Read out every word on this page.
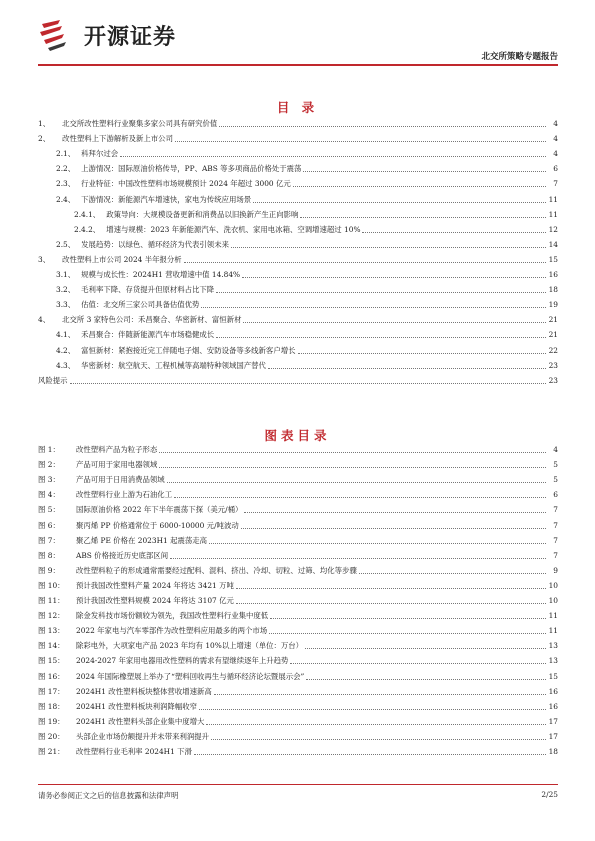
开源证券
北交所策略专题报告
目 录
1、 北交所改性塑料行业聚集多家公司具有研究价值	4
2、 改性塑料上下游解析及新上市公司	4
2.1、 科拜尔过会	4
2.2、 上游情况：国际原油价格传导，PP、ABS 等多项商品价格处于震荡	6
2.3、 行业特征：中国改性塑料市场规模预计 2024 年超过 3000 亿元	7
2.4、 下游情况：新能源汽车增速快，家电为传统应用场景	11
2.4.1、 政策导向：大规模设备更新和消费品以旧换新产生正向影响	11
2.4.2、 增速与规模：2023 年新能源汽车、洗衣机、家用电冰箱、空调增速超过 10%	12
2.5、 发展趋势：以绿色、循环经济为代表引领未来	14
3、 改性塑料上市公司 2024 半年报分析	15
3.1、 规模与成长性：2024H1 营收增速中值 14.84%	16
3.2、 毛利率下降、存货提升但原材料占比下降	18
3.3、 估值：北交所三家公司具备估值优势	19
4、 北交所 3 家特色公司：禾昌聚合、华密新材、富恒新材	21
4.1、 禾昌聚合：伴随新能源汽车市场稳健成长	21
4.2、 富恒新材：紧抱接近完工伴随电子烟、安防设备等多线新客户增长	22
4.3、 华密新材：航空航天、工程机械等高端特种领域国产替代	23
风险提示	23
图表目录
图 1：	改性塑料产品为粒子形态	4
图 2：	产品可用于家用电器领域	5
图 3：	产品可用于日用消费品领域	5
图 4：	改性塑料行业上游为石油化工	6
图 5：	国际原油价格 2022 年下半年震荡下探（美元/桶）	7
图 6：	聚丙烯 PP 价格通常位于 6000-10000 元/吨波动	7
图 7：	聚乙烯 PE 价格在 2023H1 起震荡走高	7
图 8：	ABS 价格接近历史底部区间	7
图 9：	改性塑料粒子的形成通常需要经过配料、混料、挤出、冷却、切粒、过筛、均化等步骤	9
图 10：	预计我国改性塑料产量 2024 年将达 3421 万吨	10
图 11：	预计我国改性塑料规模 2024 年将达 3107 亿元	10
图 12：	除金发科技市场份额较为领先，我国改性塑料行业集中度低	11
图 13：	2022 年家电与汽车零部件为改性塑料应用最多的两个市场	11
图 14：	除彩电外，大项家电产品 2023 年均有 10%以上增速（单位：万台）	13
图 15：	2024-2027 年家用电器用改性塑料的需求有望继续逐年上升趋势	13
图 16：	2024 年国际橡塑展上举办了“塑料回收再生与循环经济论坛暨展示会”	15
图 17：	2024H1 改性塑料板块整体营收增速新高	16
图 18：	2024H1 改性塑料板块利润降幅收窄	16
图 19：	2024H1 改性塑料头部企业集中度增大	17
图 20：	头部企业市场份额提升并未带来利润提升	17
图 21：	改性塑料行业毛利率 2024H1 下滑	18
请务必参阅正文之后的信息披露和法律声明	2/25
